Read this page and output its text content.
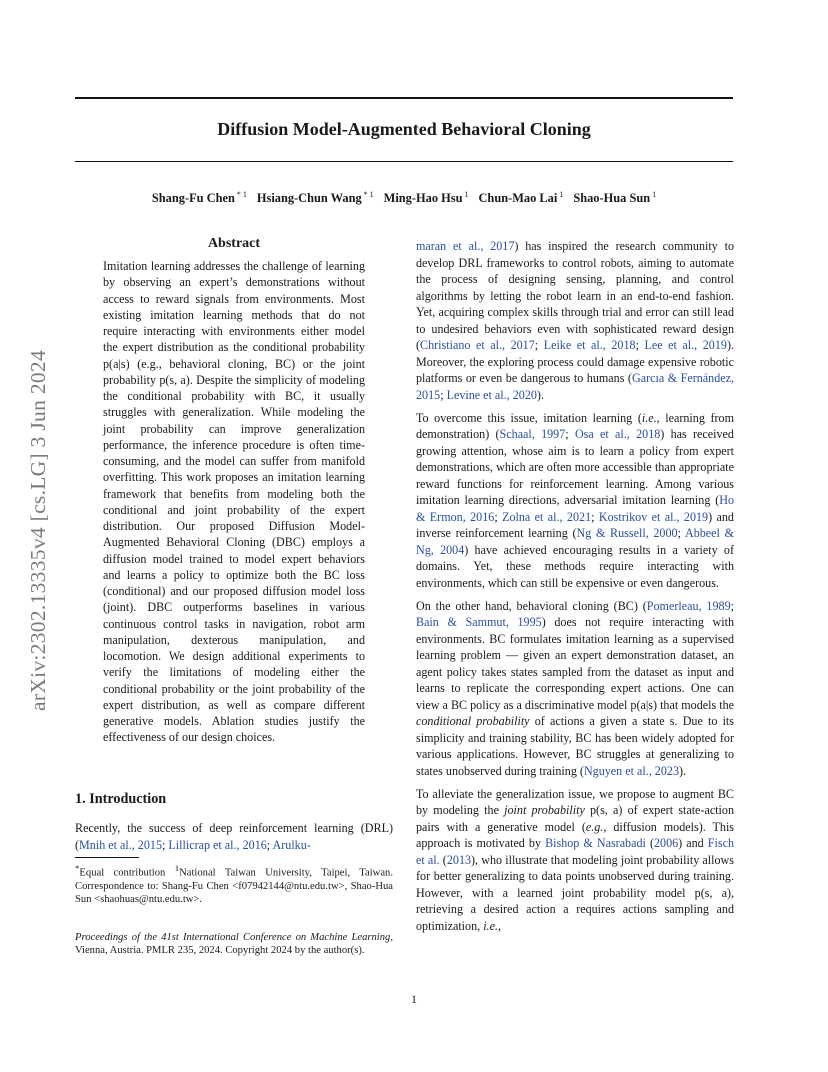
arXiv:2302.13335v4 [cs.LG] 3 Jun 2024
Diffusion Model-Augmented Behavioral Cloning
Shang-Fu Chen $^{* 1}$ Hsiang-Chun Wang $^{* 1}$ Ming-Hao Hsu $^1$ Chun-Mao Lai $^1$ Shao-Hua Sun $^1$
Abstract
Imitation learning addresses the challenge of learning by observing an expert’s demonstrations without access to reward signals from environments. Most existing imitation learning methods that do not require interacting with environments either model the expert distribution as the conditional probability p(a|s) (e.g., behavioral cloning, BC) or the joint probability p(s, a). Despite the simplicity of modeling the conditional probability with BC, it usually struggles with generalization. While modeling the joint probability can improve generalization performance, the inference procedure is often time-consuming, and the model can suffer from manifold overfitting. This work proposes an imitation learning framework that benefits from modeling both the conditional and joint probability of the expert distribution. Our proposed Diffusion Model-Augmented Behavioral Cloning (DBC) employs a diffusion model trained to model expert behaviors and learns a policy to optimize both the BC loss (conditional) and our proposed diffusion model loss (joint). DBC outperforms baselines in various continuous control tasks in navigation, robot arm manipulation, dexterous manipulation, and locomotion. We design additional experiments to verify the limitations of modeling either the conditional probability or the joint probability of the expert distribution, as well as compare different generative models. Ablation studies justify the effectiveness of our design choices.
1. Introduction
Recently, the success of deep reinforcement learning (DRL) (Mnih et al., 2015; Lillicrap et al., 2016; Arulku-
*Equal contribution $^1$National Taiwan University, Taipei, Taiwan. Correspondence to: Shang-Fu Chen <f07942144@ntu.edu.tw>, Shao-Hua Sun <shaohuas@ntu.edu.tw>.
Proceedings of the 41st International Conference on Machine Learning, Vienna, Austria. PMLR 235, 2024. Copyright 2024 by the author(s).

maran et al., 2017) has inspired the research community to develop DRL frameworks to control robots, aiming to automate the process of designing sensing, planning, and control algorithms by letting the robot learn in an end-to-end fashion. Yet, acquiring complex skills through trial and error can still lead to undesired behaviors even with sophisticated reward design (Christiano et al., 2017; Leike et al., 2018; Lee et al., 2019). Moreover, the exploring process could damage expensive robotic platforms or even be dangerous to humans (Garcıa & Fernández, 2015; Levine et al., 2020).

To overcome this issue, imitation learning (i.e., learning from demonstration) (Schaal, 1997; Osa et al., 2018) has received growing attention, whose aim is to learn a policy from expert demonstrations, which are often more accessible than appropriate reward functions for reinforcement learning. Among various imitation learning directions, adversarial imitation learning (Ho & Ermon, 2016; Zolna et al., 2021; Kostrikov et al., 2019) and inverse reinforcement learning (Ng & Russell, 2000; Abbeel & Ng, 2004) have achieved encouraging results in a variety of domains. Yet, these methods require interacting with environments, which can still be expensive or even dangerous.

On the other hand, behavioral cloning (BC) (Pomerleau, 1989; Bain & Sammut, 1995) does not require interacting with environments. BC formulates imitation learning as a supervised learning problem — given an expert demonstration dataset, an agent policy takes states sampled from the dataset as input and learns to replicate the corresponding expert actions. One can view a BC policy as a discriminative model p(a|s) that models the conditional probability of actions a given a state s. Due to its simplicity and training stability, BC has been widely adopted for various applications. However, BC struggles at generalizing to states unobserved during training (Nguyen et al., 2023).

To alleviate the generalization issue, we propose to augment BC by modeling the joint probability p(s, a) of expert state-action pairs with a generative model (e.g., diffusion models). This approach is motivated by Bishop & Nasrabadi (2006) and Fisch et al. (2013), who illustrate that modeling joint probability allows for better generalizing to data points unobserved during training. However, with a learned joint probability model p(s, a), retrieving a desired action a requires actions sampling and optimization, i.e.,

1
